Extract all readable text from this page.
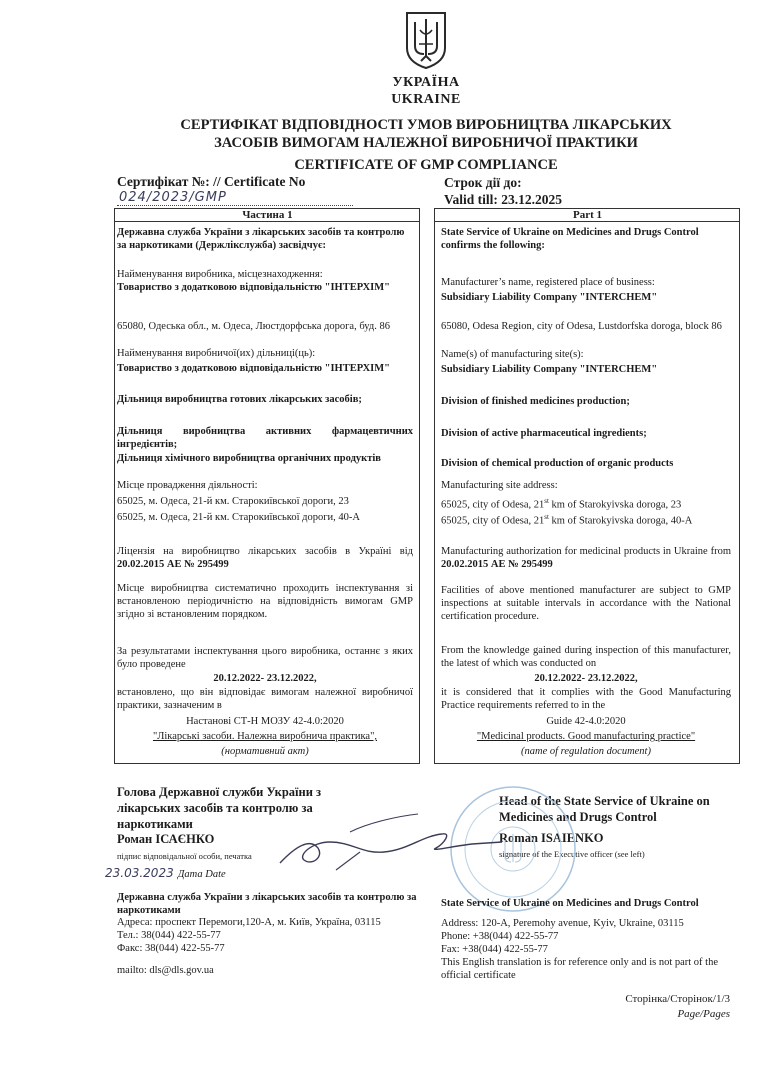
УКРАЇНА
UKRAINE
СЕРТИФІКАТ ВІДПОВІДНОСТІ УМОВ ВИРОБНИЦТВА ЛІКАРСЬКИХ
ЗАСОБІВ ВИМОГАМ НАЛЕЖНОЇ ВИРОБНИЧОЇ ПРАКТИКИ
CERTIFICATE OF GMP COMPLIANCE
Сертифікат №: // Certificate No
024/2023/GMP
Строк дії до:
Valid till: 23.12.2025
Частина 1	Part 1
Державна служба України з лікарських засобів та контролю за наркотиками (Держлікслужба) засвідчує:
Найменування виробника, місцезнаходження:
Товариство з додатковою відповідальністю "ІНТЕРХІМ"
65080, Одеська обл., м. Одеса, Люстдорфська дорога, буд. 86
Найменування виробничої(их) дільниці(ць):
Товариство з додатковою відповідальністю "ІНТЕРХІМ"
Дільниця виробництва готових лікарських засобів;
Дільниця виробництва активних фармацевтичних інгредієнтів;
Дільниця хімічного виробництва органічних продуктів
Місце провадження діяльності:
65025, м. Одеса, 21-й км. Старокиївської дороги, 23
65025, м. Одеса, 21-й км. Старокиївської дороги, 40-А
Ліцензія на виробництво лікарських засобів в Україні від 20.02.2015 АЕ № 295499
Місце виробництва систематично проходить інспектування зі встановленою періодичністю на відповідність вимогам GMP згідно зі встановленим порядком.
За результатами інспектування цього виробника, останнє з яких було проведене
20.12.2022- 23.12.2022,
встановлено, що він відповідає вимогам належної виробничої практики, зазначеним в
Настанові СТ-Н МОЗУ 42-4.0:2020
"Лікарські засоби. Належна виробнича практика",
(нормативний акт)
State Service of Ukraine on Medicines and Drugs Control confirms the following:
Manufacturer’s name, registered place of business:
Subsidiary Liability Company "INTERCHEM"
65080, Odesa Region, city of Odesa, Lustdorfska doroga, block 86
Name(s) of manufacturing site(s):
Subsidiary Liability Company "INTERCHEM"
Division of finished medicines production;
Division of active pharmaceutical ingredients;
Division of chemical production of organic products
Manufacturing site address:
65025, city of Odesa, 21st km of Starokyivska doroga, 23
65025, city of Odesa, 21st km of Starokyivska doroga, 40-A
Manufacturing authorization for medicinal products in Ukraine from 20.02.2015 АЕ № 295499
Facilities of above mentioned manufacturer are subject to GMP inspections at suitable intervals in accordance with the National certification procedure.
From the knowledge gained during inspection of this manufacturer, the latest of which was conducted on
20.12.2022- 23.12.2022,
it is considered that it complies with the Good Manufacturing Practice requirements referred to in the
Guide 42-4.0:2020
"Medicinal products. Good manufacturing practice"
(name of regulation document)
Голова Державної служби України з лікарських засобів та контролю за наркотиками
Роман ІСАЄНКО
підпис відповідальної особи, печатка
23.03.2023 Дата Date
Head of the State Service of Ukraine on Medicines and Drugs Control
Roman ISAIENKO
signature of the Executive officer (see left)
Державна служба України з лікарських засобів та контролю за наркотиками
Адреса: проспект Перемоги,120-А, м. Київ, Україна, 03115
Тел.: 38(044) 422-55-77
Факс: 38(044) 422-55-77
mailto: dls@dls.gov.ua
State Service of Ukraine on Medicines and Drugs Control
Address: 120-A, Peremohy avenue, Kyiv, Ukraine, 03115
Phone: +38(044) 422-55-77
Fax: +38(044) 422-55-77
This English translation is for reference only and is not part of the official certificate
Сторінка/Сторінок/1/3
Page/Pages
